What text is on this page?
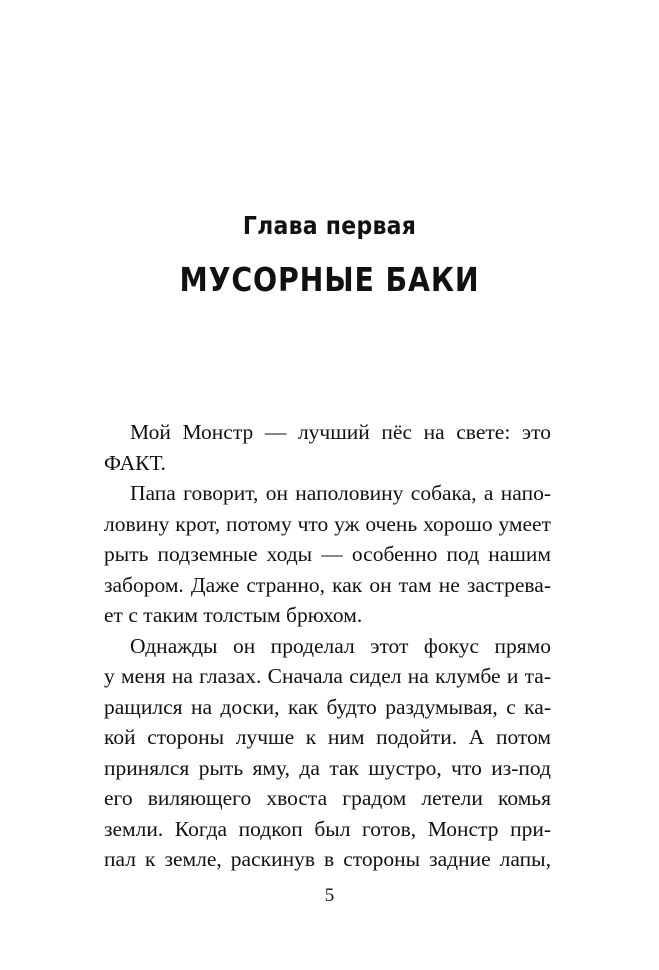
Глава первая
МУСОРНЫЕ БАКИ
Мой Монстр — лучший пёс на свете: это
ФАКТ.
Папа говорит, он наполовину собака, а напо-
ловину крот, потому что уж очень хорошо умеет
рыть подземные ходы — особенно под нашим
забором. Даже странно, как он там не застрева-
ет с таким толстым брюхом.
Однажды он проделал этот фокус прямо
у меня на глазах. Сначала сидел на клумбе и та-
ращился на доски, как будто раздумывая, с ка-
кой стороны лучше к ним подойти. А потом
принялся рыть яму, да так шустро, что из-под
его виляющего хвоста градом летели комья
земли. Когда подкоп был готов, Монстр при-
пал к земле, раскинув в стороны задние лапы,
5
